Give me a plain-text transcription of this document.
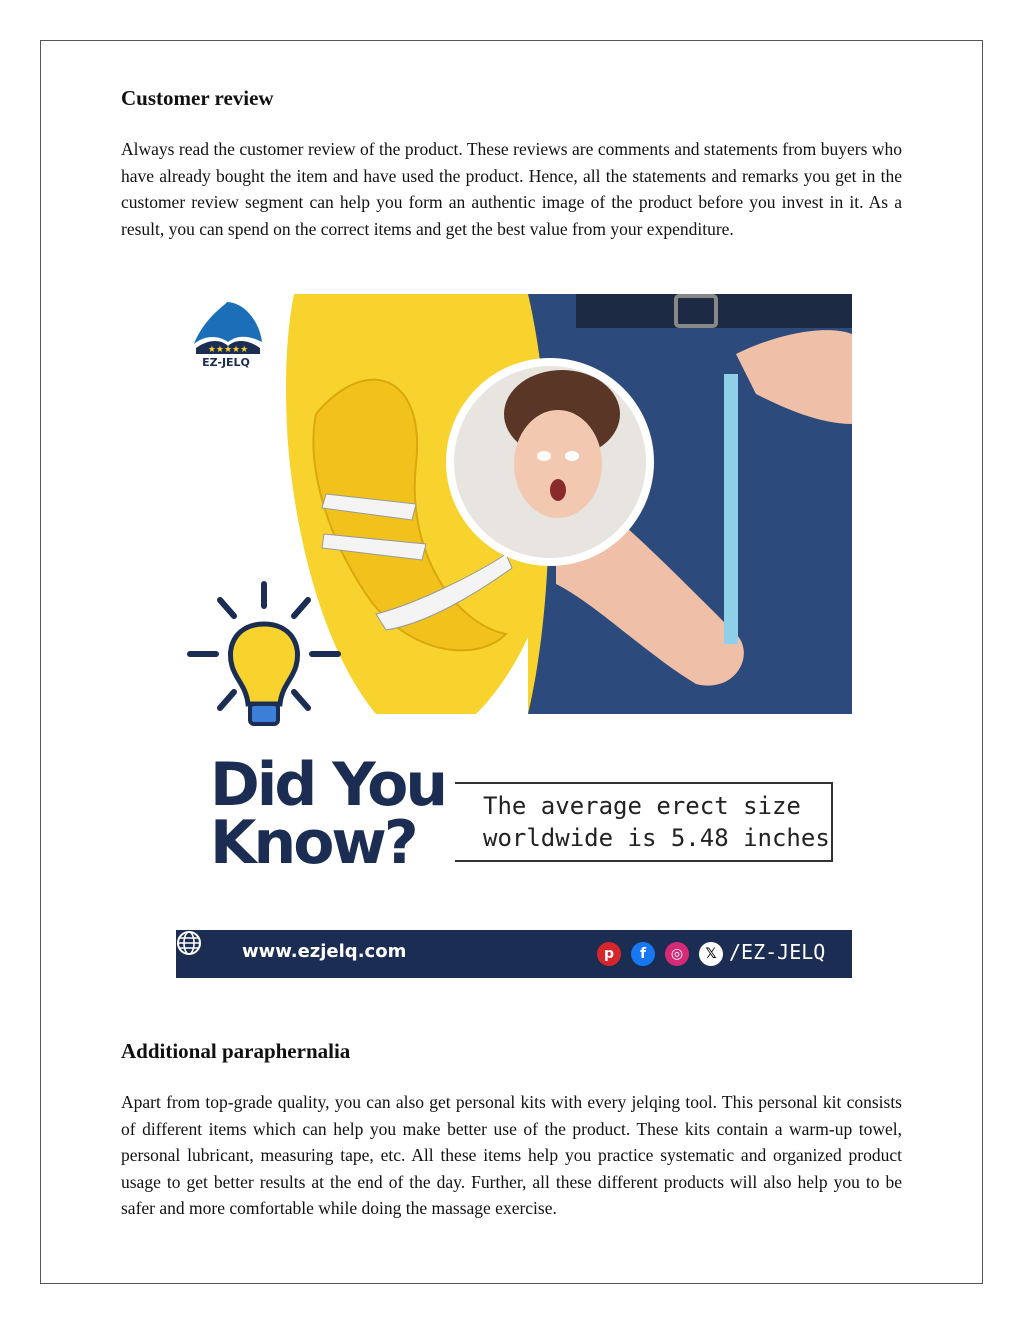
Customer review

Always read the customer review of the product. These reviews are comments and statements from buyers who have already bought the item and have used the product. Hence, all the statements and remarks you get in the customer review segment can help you form an authentic image of the product before you invest in it. As a result, you can spend on the correct items and get the best value from your expenditure.

★★★★★
EZ-JELQ
Did You
Know?
The average erect size
worldwide is 5.48 inches
www.ezjelq.com	p	f	◎	𝕏 /EZ-JELQ
Additional paraphernalia

Apart from top-grade quality, you can also get personal kits with every jelqing tool. This personal kit consists of different items which can help you make better use of the product. These kits contain a warm-up towel, personal lubricant, measuring tape, etc. All these items help you practice systematic and organized product usage to get better results at the end of the day. Further, all these different products will also help you to be safer and more comfortable while doing the massage exercise.
